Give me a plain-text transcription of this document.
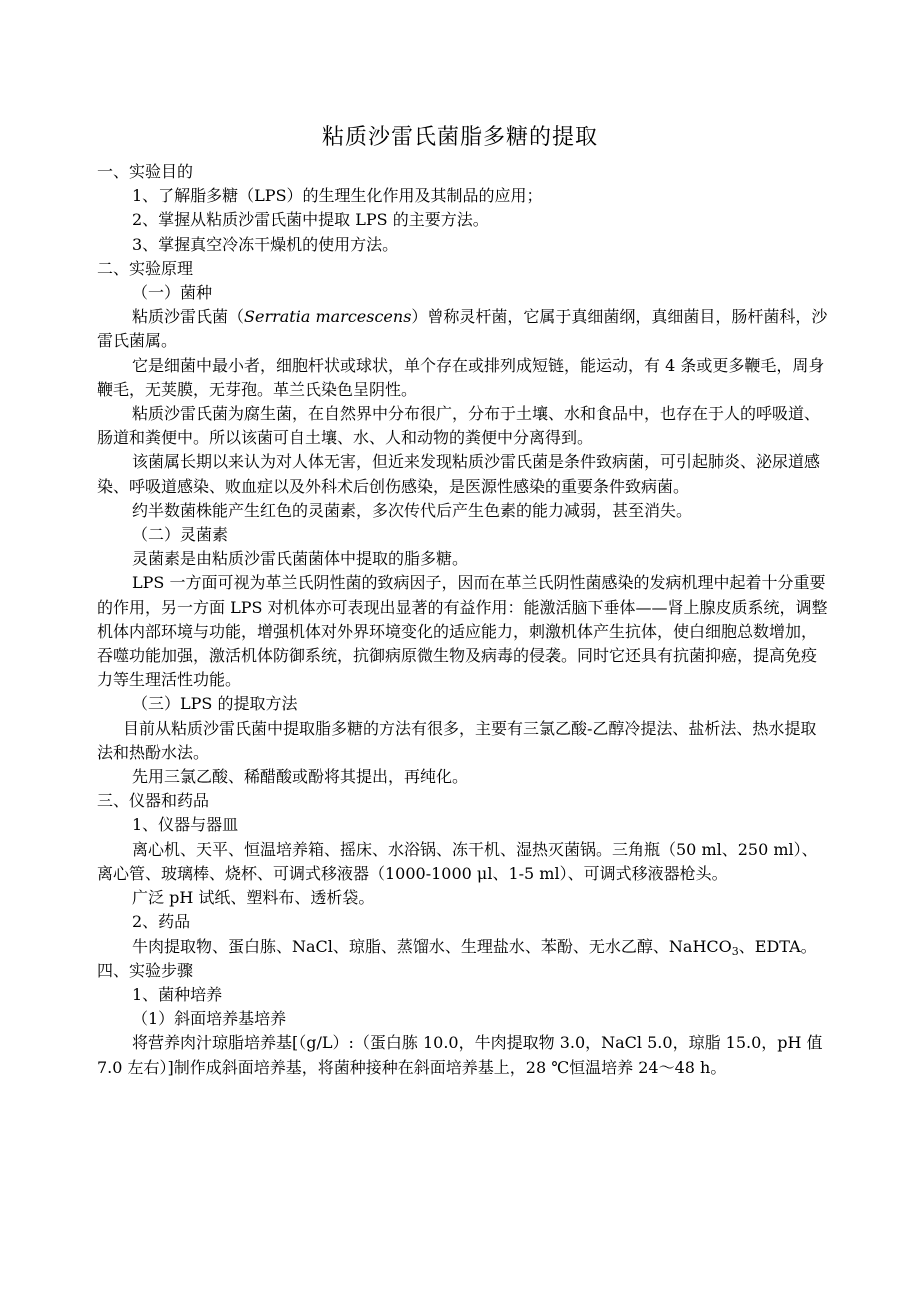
粘质沙雷氏菌脂多糖的提取

一、实验目的

1、了解脂多糖（LPS）的生理生化作用及其制品的应用；

2、掌握从粘质沙雷氏菌中提取 LPS 的主要方法。

3、掌握真空冷冻干燥机的使用方法。

二、实验原理

（一）菌种

粘质沙雷氏菌（Serratia marcescens）曾称灵杆菌，它属于真细菌纲，真细菌目，肠杆菌科，沙雷氏菌属。

它是细菌中最小者，细胞杆状或球状，单个存在或排列成短链，能运动，有 4 条或更多鞭毛，周身鞭毛，无荚膜，无芽孢。革兰氏染色呈阴性。

粘质沙雷氏菌为腐生菌，在自然界中分布很广，分布于土壤、水和食品中，也存在于人的呼吸道、肠道和粪便中。所以该菌可自土壤、水、人和动物的粪便中分离得到。

该菌属长期以来认为对人体无害，但近来发现粘质沙雷氏菌是条件致病菌，可引起肺炎、泌尿道感染、呼吸道感染、败血症以及外科术后创伤感染，是医源性感染的重要条件致病菌。

约半数菌株能产生红色的灵菌素，多次传代后产生色素的能力减弱，甚至消失。

（二）灵菌素

灵菌素是由粘质沙雷氏菌菌体中提取的脂多糖。

LPS 一方面可视为革兰氏阴性菌的致病因子，因而在革兰氏阴性菌感染的发病机理中起着十分重要的作用，另一方面 LPS 对机体亦可表现出显著的有益作用：能激活脑下垂体——肾上腺皮质系统，调整机体内部环境与功能，增强机体对外界环境变化的适应能力，刺激机体产生抗体，使白细胞总数增加，吞噬功能加强，激活机体防御系统，抗御病原微生物及病毒的侵袭。同时它还具有抗菌抑癌，提高免疫力等生理活性功能。

（三）LPS 的提取方法

目前从粘质沙雷氏菌中提取脂多糖的方法有很多，主要有三氯乙酸-乙醇冷提法、盐析法、热水提取法和热酚水法。

先用三氯乙酸、稀醋酸或酚将其提出，再纯化。

三、仪器和药品

1、仪器与器皿

离心机、天平、恒温培养箱、摇床、水浴锅、冻干机、湿热灭菌锅。三角瓶（50 ml、250 ml）、离心管、玻璃棒、烧杯、可调式移液器（1000-1000 μl、1-5 ml）、可调式移液器枪头。

广泛 pH 试纸、塑料布、透析袋。

2、药品

牛肉提取物、蛋白胨、NaCl、琼脂、蒸馏水、生理盐水、苯酚、无水乙醇、NaHCO$_3$、EDTA。

四、实验步骤

1、菌种培养

（1）斜面培养基培养

将营养肉汁琼脂培养基[（g/L）:（蛋白胨 10.0，牛肉提取物 3.0，NaCl 5.0，琼脂 15.0，pH 值 7.0 左右）]制作成斜面培养基，将菌种接种在斜面培养基上，28 ℃恒温培养 24～48 h。
